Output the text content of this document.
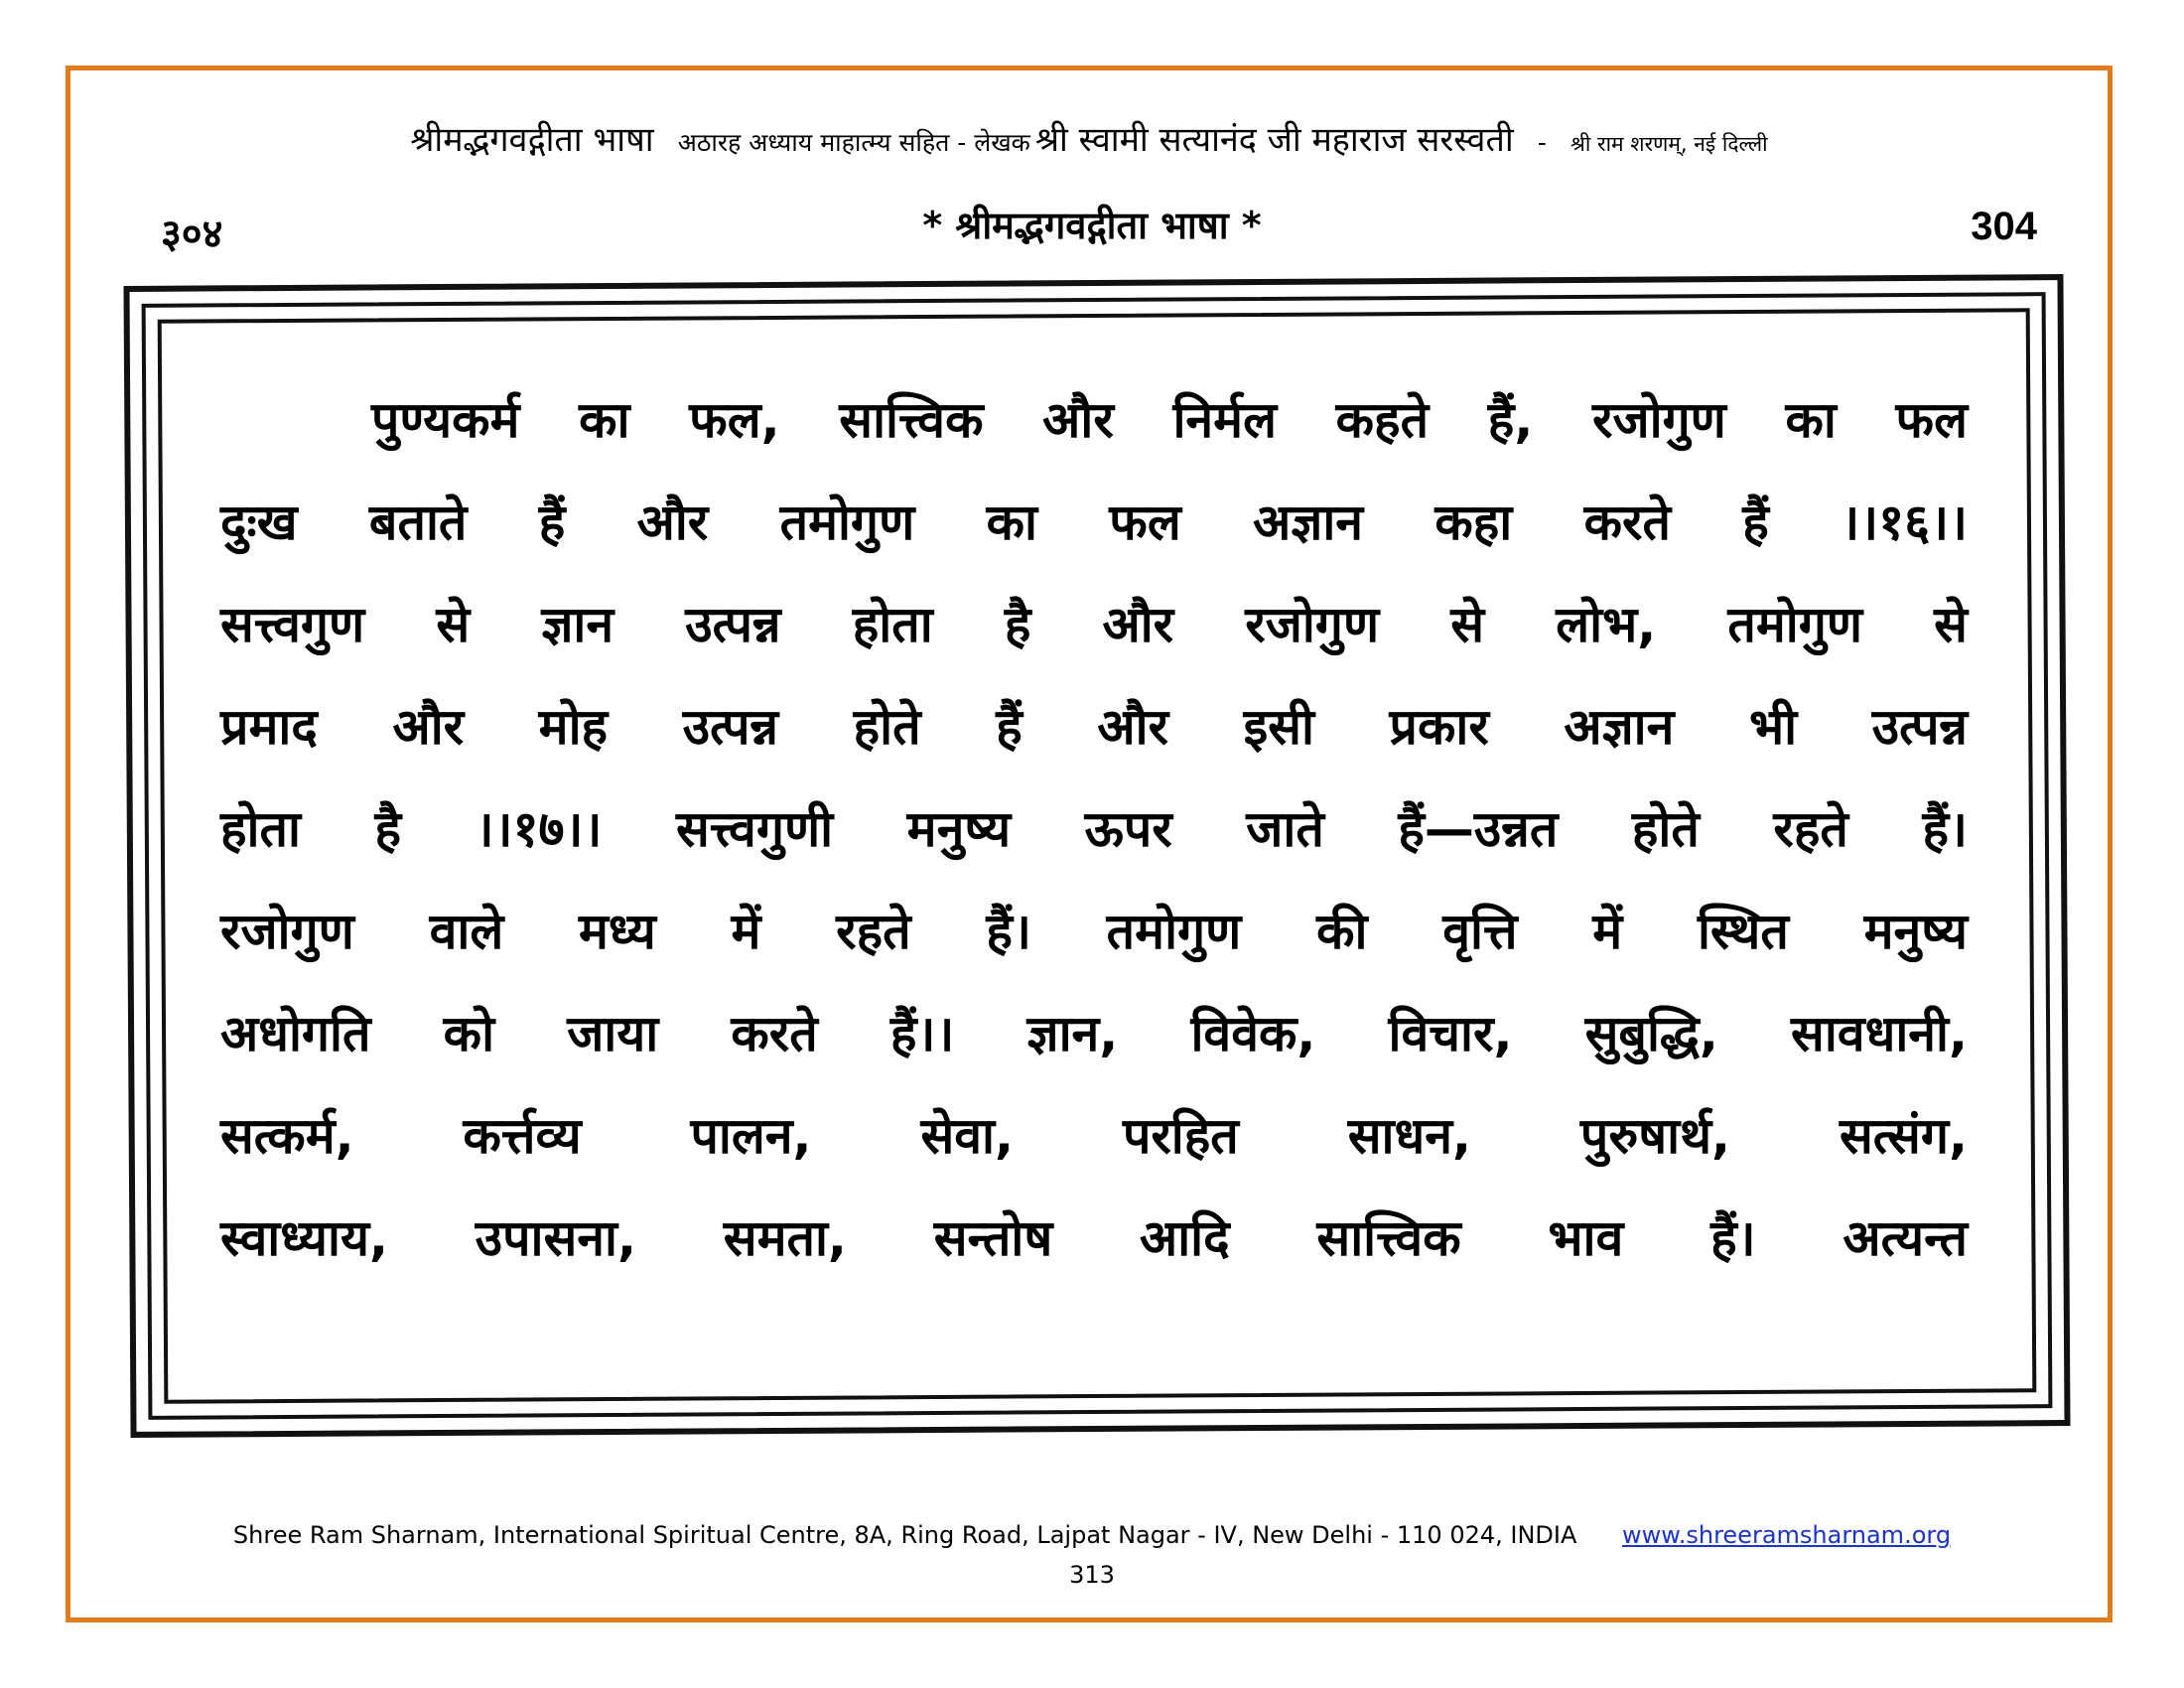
श्रीमद्भगवद्गीता भाषा अठारह अध्याय माहात्म्य सहित - लेखक श्री स्वामी सत्यानंद जी महाराज सरस्वती - श्री राम शरणम्, नई दिल्ली
३०४	* श्रीमद्भगवद्गीता भाषा *	304
पुण्यकर्म का फल, सात्त्विक और निर्मल कहते हैं, रजोगुण का फल
दुःख बताते हैं और तमोगुण का फल अज्ञान कहा करते हैं ।।१६।।
सत्त्वगुण से ज्ञान उत्पन्न होता है और रजोगुण से लोभ, तमोगुण से
प्रमाद और मोह उत्पन्न होते हैं और इसी प्रकार अज्ञान भी उत्पन्न
होता है ।।१७।। सत्त्वगुणी मनुष्य ऊपर जाते हैं—उन्नत होते रहते हैं।
रजोगुण वाले मध्य में रहते हैं। तमोगुण की वृत्ति में स्थित मनुष्य
अधोगति को जाया करते हैं।। ज्ञान, विवेक, विचार, सुबुद्धि, सावधानी,
सत्कर्म, कर्त्तव्य पालन, सेवा, परहित साधन, पुरुषार्थ, सत्संग,
स्वाध्याय, उपासना, समता, सन्तोष आदि सात्त्विक भाव हैं। अत्यन्त
Shree Ram Sharnam, International Spiritual Centre, 8A, Ring Road, Lajpat Nagar - IV, New Delhi - 110 024, INDIA www.shreeramsharnam.org
313
